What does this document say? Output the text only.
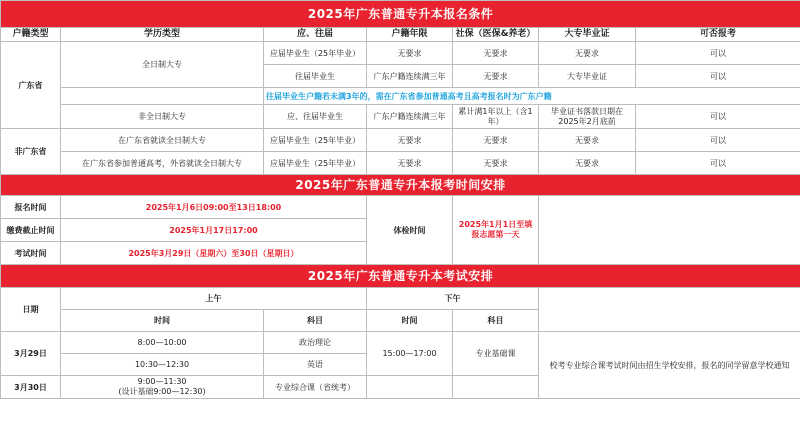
2025年广东普通专升本报名条件						
户籍类型	学历类型	应、往届	户籍年限	社保（医保&养老）	大专毕业证	可否报考
广东省	全日制大专	应届毕业生（25年毕业）	无要求	无要求	无要求	可以
		往届毕业生	广东户籍连续满三年	无要求	大专毕业证	可以
		往届毕业生户籍若未满3年的，需在广东省参加普通高考且高考报名时为广东户籍				
	非全日制大专	应、往届毕业生	广东户籍连续满三年	累计满1年以上（含1年）	毕业证书落款日期在2025年2月底前	可以
非广东省	在广东省就读全日制大专	应届毕业生（25年毕业）	无要求	无要求	无要求	可以
	在广东省参加普通高考，外省就读全日制大专	应届毕业生（25年毕业）	无要求	无要求	无要求	可以
2025年广东普通专升本报考时间安排						
报名时间	2025年1月6日09:00至13日18:00		体检时间	2025年1月1日至填报志愿第一天		
缴费截止时间	2025年1月17日17:00					
考试时间	2025年3月29日（星期六）至30日（星期日）					
2025年广东普通专升本考试安排						
日期	上午		下午			
	时间	科目	时间	科目		
3月29日	8:00—10:00	政治理论	15:00—17:00	专业基础课	校考专业综合课考试时间由招生学校安排，报名的同学留意学校通知	
	10:30—12:30	英语				
3月30日	9:00—11:30
(设计基础9:00—12:30)	专业综合课（省统考）				
